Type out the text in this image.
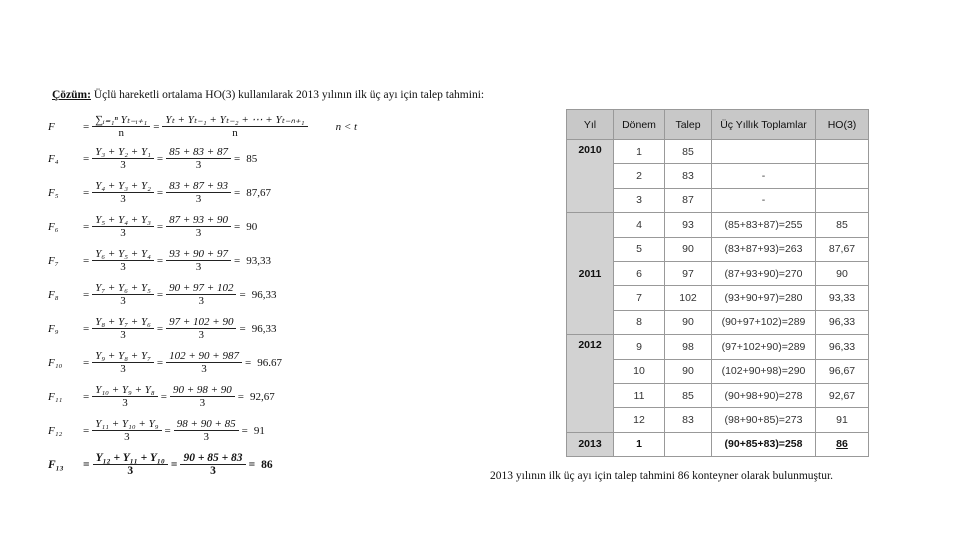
Çözüm: Üçlü hareketli ortalama HO(3) kullanılarak 2013 yılının ilk üç ayı için talep tahmini:
F	= $\frac{\text{∑ᵢ₌₁ⁿ Yₜ₋ᵢ₊₁}}{n} = \frac{\text{Yₜ + Yₜ₋₁ + Yₜ₋₂ + ⋯ + Yₜ₋ₙ₊₁}}{n}$	n < t
F₄	= $\frac{\text{Y₃ + Y₂ + Y₁}}{3} = \frac{85 + 83 + 87}{3} = 85$
F₅	= $\frac{\text{Y₄ + Y₃ + Y₂}}{3} = \frac{83 + 87 + 93}{3} = 87,67$
F₆	= $\frac{\text{Y₅ + Y₄ + Y₃}}{3} = \frac{87 + 93 + 90}{3} = 90$
F₇	= $\frac{\text{Y₆ + Y₅ + Y₄}}{3} = \frac{93 + 90 + 97}{3} = 93,33$
F₈	= $\frac{\text{Y₇ + Y₆ + Y₅}}{3} = \frac{90 + 97 + 102}{3} = 96,33$
F₉	= $\frac{\text{Y₈ + Y₇ + Y₆}}{3} = \frac{97 + 102 + 90}{3} = 96,33$
F₁₀	= $\frac{\text{Y₉ + Y₈ + Y₇}}{3} = \frac{102 + 90 + 987}{3} = 96.67$
F₁₁	= $\frac{\text{Y₁₀ + Y₉ + Y₈}}{3} = \frac{90 + 98 + 90}{3} = 92,67$
F₁₂	= $\frac{\text{Y₁₁ + Y₁₀ + Y₉}}{3} = \frac{98 + 90 + 85}{3} = 91$
F₁₃	= $\frac{\text{Y₁₂ + Y₁₁ + Y₁₀}}{3} = \frac{90 + 85 + 83}{3} = 86$
Yıl	Dönem	Talep	Üç Yıllık Toplamlar	HO(3)
2010	1	85		
	2	83	-	
	3	87	-	
2011	4	93	(85+83+87)=255	85
	5	90	(83+87+93)=263	87,67
	6	97	(87+93+90)=270	90
	7	102	(93+90+97)=280	93,33
	8	90	(90+97+102)=289	96,33
2012	9	98	(97+102+90)=289	96,33
	10	90	(102+90+98)=290	96,67
	11	85	(90+98+90)=278	92,67
	12	83	(98+90+85)=273	91
2013	1		(90+85+83)=258	86
2013 yılının ilk üç ayı için talep tahmini 86 konteyner olarak bulunmuştur.
